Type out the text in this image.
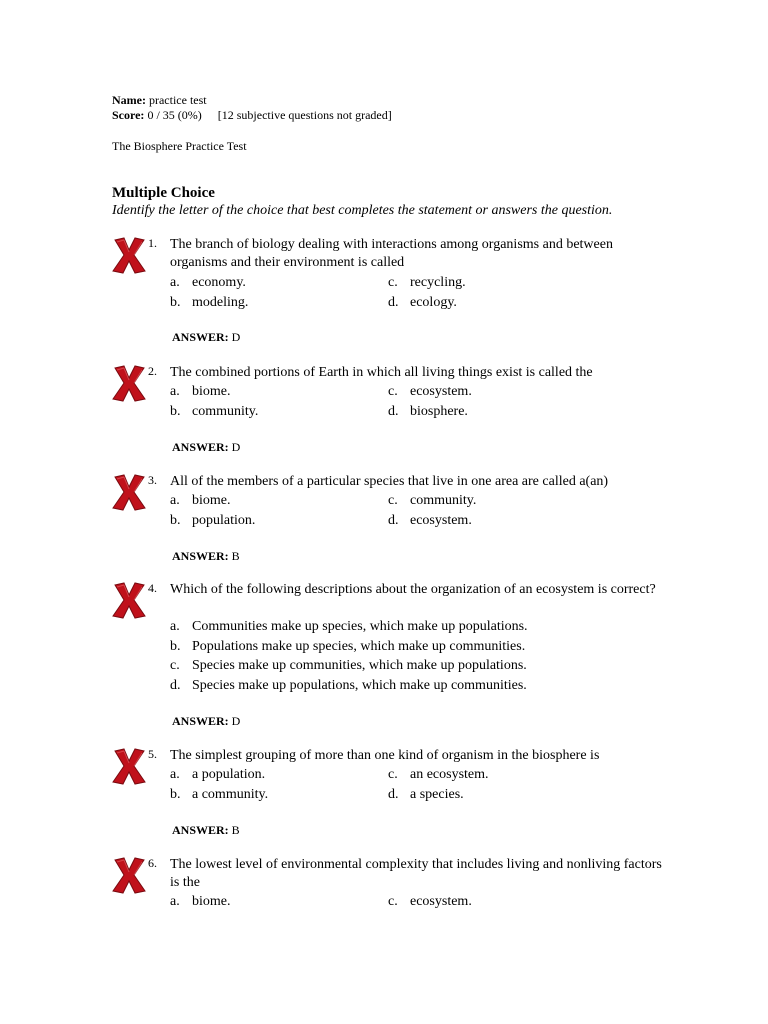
Name: practice test
Score: 0 / 35 (0%) [12 subjective questions not graded]
The Biosphere Practice Test
Multiple Choice
Identify the letter of the choice that best completes the statement or answers the question.
1. The branch of biology dealing with interactions among organisms and between organisms and their environment is called
a. economy.	c. recycling.
b. modeling.	d. ecology.
ANSWER: D
2. The combined portions of Earth in which all living things exist is called the
a. biome.	c. ecosystem.
b. community.	d. biosphere.
ANSWER: D
3. All of the members of a particular species that live in one area are called a(an)
a. biome.	c. community.
b. population.	d. ecosystem.
ANSWER: B
4. Which of the following descriptions about the organization of an ecosystem is correct?
a. Communities make up species, which make up populations.
b. Populations make up species, which make up communities.
c. Species make up communities, which make up populations.
d. Species make up populations, which make up communities.
ANSWER: D
5. The simplest grouping of more than one kind of organism in the biosphere is
a. a population.	c. an ecosystem.
b. a community.	d. a species.
ANSWER: B
6. The lowest level of environmental complexity that includes living and nonliving factors is the
a. biome.	c. ecosystem.
